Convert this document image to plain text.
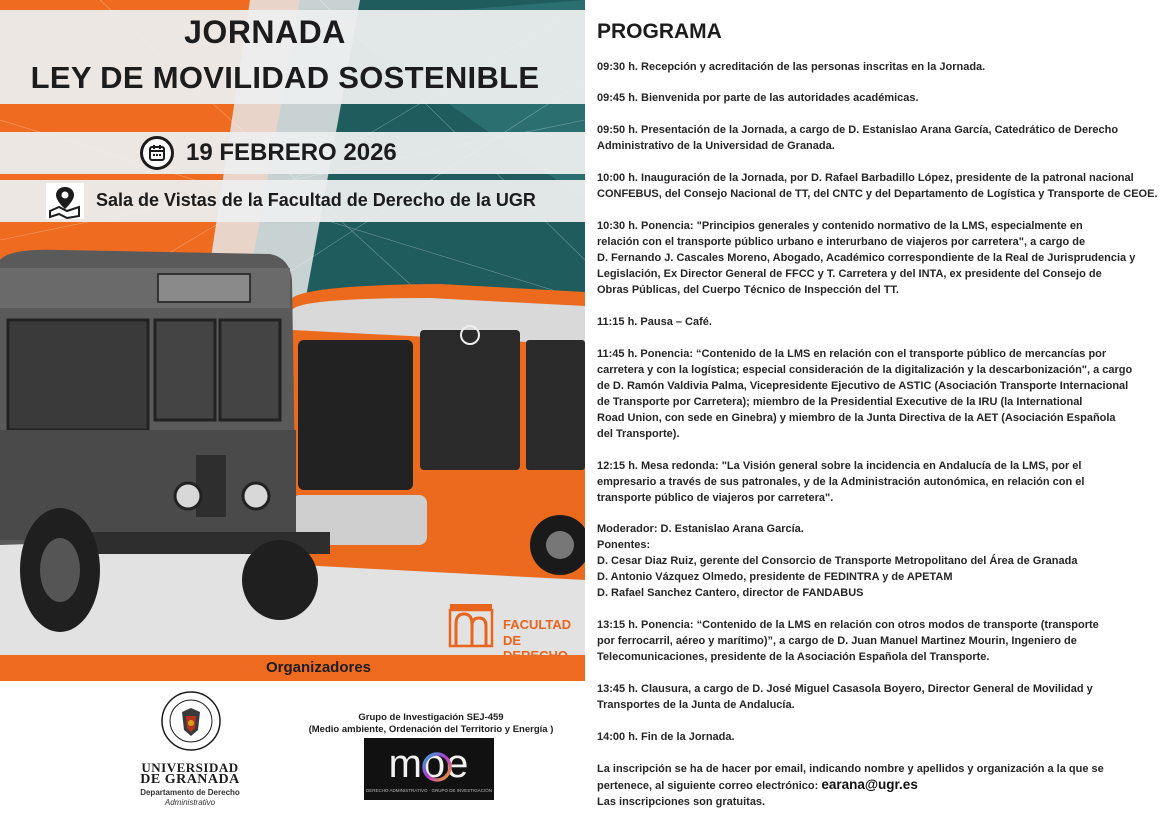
JORNADA
LEY DE MOVILIDAD SOSTENIBLE
19 FEBRERO 2026
Sala de Vistas de la Facultad de Derecho de la UGR
FACULTAD
DE
Organizadores
UNIVERSIDAD
DE GRANADA
Departamento de Derecho
Administrativo
Grupo de Investigación SEJ-459
(Medio ambiente, Ordenación del Territorio y Energía )
moe
DERECHO ADMINISTRATIVO · GRUPO DE INVESTIGACIÓN
PROGRAMA
09:30 h. Recepción y acreditación de las personas inscritas en la Jornada.
09:45 h. Bienvenida por parte de las autoridades académicas.
09:50 h. Presentación de la Jornada, a cargo de D. Estanislao Arana García, Catedrático de Derecho
Administrativo de la Universidad de Granada.
10:00 h. Inauguración de la Jornada, por D. Rafael Barbadillo López, presidente de la patronal nacional
CONFEBUS, del Consejo Nacional de TT, del CNTC y del Departamento de Logística y Transporte de CEOE.
10:30 h. Ponencia: "Principios generales y contenido normativo de la LMS, especialmente en
relación con el transporte público urbano e interurbano de viajeros por carretera", a cargo de
D. Fernando J. Cascales Moreno, Abogado, Académico correspondiente de la Real de Jurisprudencia y
Legislación, Ex Director General de FFCC y T. Carretera y del INTA, ex presidente del Consejo de
Obras Públicas, del Cuerpo Técnico de Inspección del TT.
11:15 h. Pausa – Café.
11:45 h. Ponencia: “Contenido de la LMS en relación con el transporte público de mercancías por
carretera y con la logística; especial consideración de la digitalización y la descarbonización", a cargo
de D. Ramón Valdivia Palma, Vicepresidente Ejecutivo de ASTIC (Asociación Transporte Internacional
de Transporte por Carretera); miembro de la Presidential Executive de la IRU (la International
Road Union, con sede en Ginebra) y miembro de la Junta Directiva de la AET (Asociación Española
del Transporte).
12:15 h. Mesa redonda: "La Visión general sobre la incidencia en Andalucía de la LMS, por el
empresario a través de sus patronales, y de la Administración autonómica, en relación con el
transporte público de viajeros por carretera".
Moderador: D. Estanislao Arana García.
Ponentes:
D. Cesar Diaz Ruiz, gerente del Consorcio de Transporte Metropolitano del Área de Granada
D. Antonio Vázquez Olmedo, presidente de FEDINTRA y de APETAM
D. Rafael Sanchez Cantero, director de FANDABUS
13:15 h. Ponencia: “Contenido de la LMS en relación con otros modos de transporte (transporte
por ferrocarril, aéreo y marítimo)”, a cargo de D. Juan Manuel Martinez Mourin, Ingeniero de
Telecomunicaciones, presidente de la Asociación Española del Transporte.
13:45 h. Clausura, a cargo de D. José Miguel Casasola Boyero, Director General de Movilidad y
Transportes de la Junta de Andalucía.
14:00 h. Fin de la Jornada.
La inscripción se ha de hacer por email, indicando nombre y apellidos y organización a la que se
pertenece, al siguiente correo electrónico: earana@ugr.es
Las inscripciones son gratuitas.
